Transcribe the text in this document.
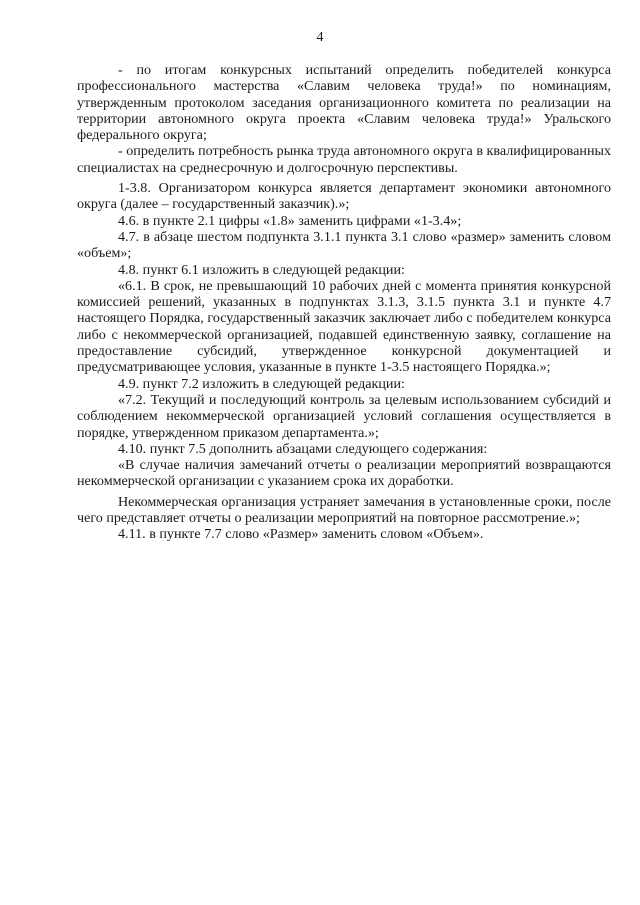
4

- по итогам конкурсных испытаний определить победителей конкурса профессионального мастерства «Славим человека труда!» по номинациям, утвержденным протоколом заседания организационного комитета по реализации на территории автономного округа проекта «Славим человека труда!» Уральского федерального округа;

- определить потребность рынка труда автономного округа в квалифицированных специалистах на среднесрочную и долгосрочную перспективы.

1-3.8. Организатором конкурса является департамент экономики автономного округа (далее – государственный заказчик).»;

4.6. в пункте 2.1 цифры «1.8» заменить цифрами «1-3.4»;

4.7. в абзаце шестом подпункта 3.1.1 пункта 3.1 слово «размер» заменить словом «объем»;

4.8. пункт 6.1 изложить в следующей редакции:

«6.1. В срок, не превышающий 10 рабочих дней с момента принятия конкурсной комиссией решений, указанных в подпунктах 3.1.3, 3.1.5 пункта 3.1 и пункте 4.7 настоящего Порядка, государственный заказчик заключает либо с победителем конкурса либо с некоммерческой организацией, подавшей единственную заявку, соглашение на предоставление субсидий, утвержденное конкурсной документацией и предусматривающее условия, указанные в пункте 1-3.5 настоящего Порядка.»;

4.9. пункт 7.2 изложить в следующей редакции:

«7.2. Текущий и последующий контроль за целевым использованием субсидий и соблюдением некоммерческой организацией условий соглашения осуществляется в порядке, утвержденном приказом департамента.»;

4.10. пункт 7.5 дополнить абзацами следующего содержания:

«В случае наличия замечаний отчеты о реализации мероприятий возвращаются некоммерческой организации с указанием срока их доработки.

Некоммерческая организация устраняет замечания в установленные сроки, после чего представляет отчеты о реализации мероприятий на повторное рассмотрение.»;

4.11. в пункте 7.7 слово «Размер» заменить словом «Объем».
